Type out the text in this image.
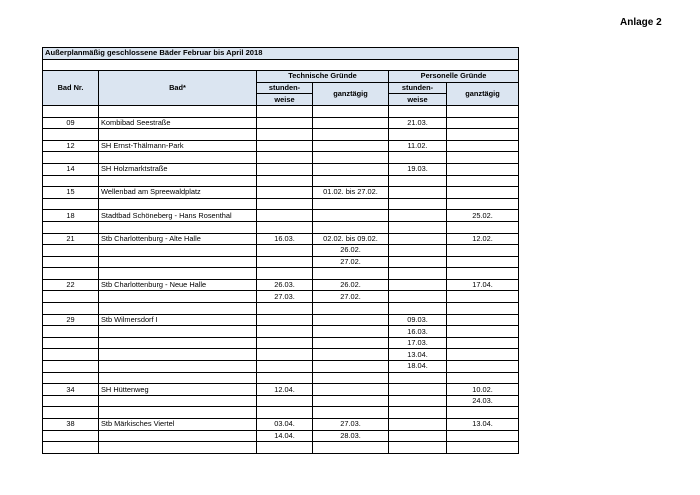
Anlage 2
Außerplanmäßig geschlossene Bäder Februar bis April 2018					

Bad Nr.	Bad*	Technische Gründe		Personelle Gründe	
		stunden-	ganztägig	stunden-	ganztägig
		weise		weise	

09	Kombibad Seestraße			21.03.	

12	SH Ernst-Thälmann-Park			11.02.	

14	SH Holzmarktstraße			19.03.	

15	Wellenbad am Spreewaldplatz		01.02. bis 27.02.		

18	Stadtbad Schöneberg - Hans Rosenthal				25.02.

21	Stb Charlottenburg - Alte Halle	16.03.	02.02. bis 09.02.		12.02.
			26.02.		
			27.02.		

22	Stb Charlottenburg - Neue Halle	26.03.	26.02.		17.04.
		27.03.	27.02.		

29	Stb Wilmersdorf I			09.03.	
				16.03.	
				17.03.	
				13.04.	
				18.04.	

34	SH Hüttenweg	12.04.			10.02.
					24.03.

38	Stb Märkisches Viertel	03.04.	27.03.		13.04.
		14.04.	28.03.		
